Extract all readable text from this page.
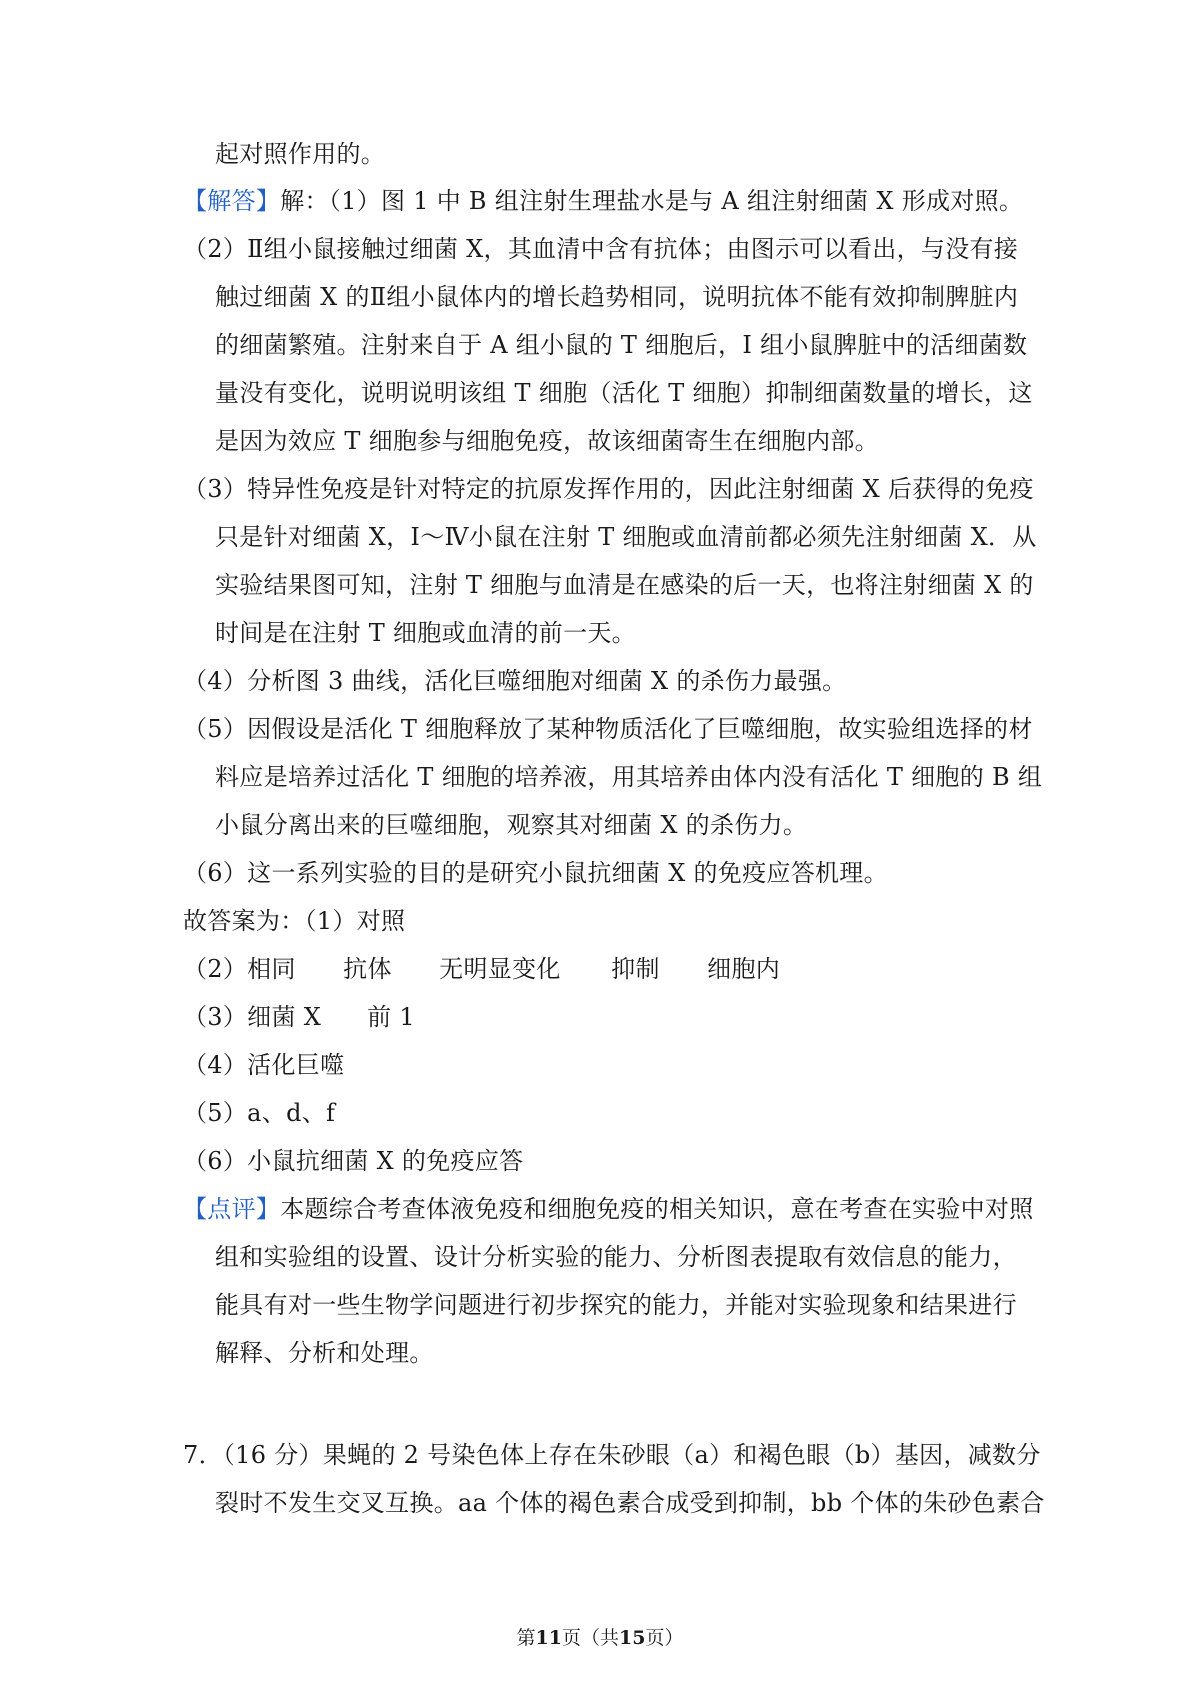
起对照作用的。
【解答】解：（1）图 1 中 B 组注射生理盐水是与 A 组注射细菌 X 形成对照。
（2）Ⅱ组小鼠接触过细菌 X，其血清中含有抗体；由图示可以看出，与没有接
触过细菌 X 的Ⅱ组小鼠体内的增长趋势相同，说明抗体不能有效抑制脾脏内
的细菌繁殖。注射来自于 A 组小鼠的 T 细胞后，I 组小鼠脾脏中的活细菌数
量没有变化，说明说明该组 T 细胞（活化 T 细胞）抑制细菌数量的增长，这
是因为效应 T 细胞参与细胞免疫，故该细菌寄生在细胞内部。
（3）特异性免疫是针对特定的抗原发挥作用的，因此注射细菌 X 后获得的免疫
只是针对细菌 X，Ⅰ～Ⅳ小鼠在注射 T 细胞或血清前都必须先注射细菌 X．从
实验结果图可知，注射 T 细胞与血清是在感染的后一天，也将注射细菌 X 的
时间是在注射 T 细胞或血清的前一天。
（4）分析图 3 曲线，活化巨噬细胞对细菌 X 的杀伤力最强。
（5）因假设是活化 T 细胞释放了某种物质活化了巨噬细胞，故实验组选择的材
料应是培养过活化 T 细胞的培养液，用其培养由体内没有活化 T 细胞的 B 组
小鼠分离出来的巨噬细胞，观察其对细菌 X 的杀伤力。
（6）这一系列实验的目的是研究小鼠抗细菌 X 的免疫应答机理。
故答案为：（1）对照
（2）相同 抗体 无明显变化 抑制 细胞内
（3）细菌 X 前 1
（4）活化巨噬
（5）a、d、f
（6）小鼠抗细菌 X 的免疫应答
【点评】本题综合考查体液免疫和细胞免疫的相关知识，意在考查在实验中对照
组和实验组的设置、设计分析实验的能力、分析图表提取有效信息的能力，
能具有对一些生物学问题进行初步探究的能力，并能对实验现象和结果进行
解释、分析和处理。
7．（16 分）果蝇的 2 号染色体上存在朱砂眼（a）和褐色眼（b）基因，减数分
裂时不发生交叉互换。aa 个体的褐色素合成受到抑制，bb 个体的朱砂色素合
第11页（共15页）
